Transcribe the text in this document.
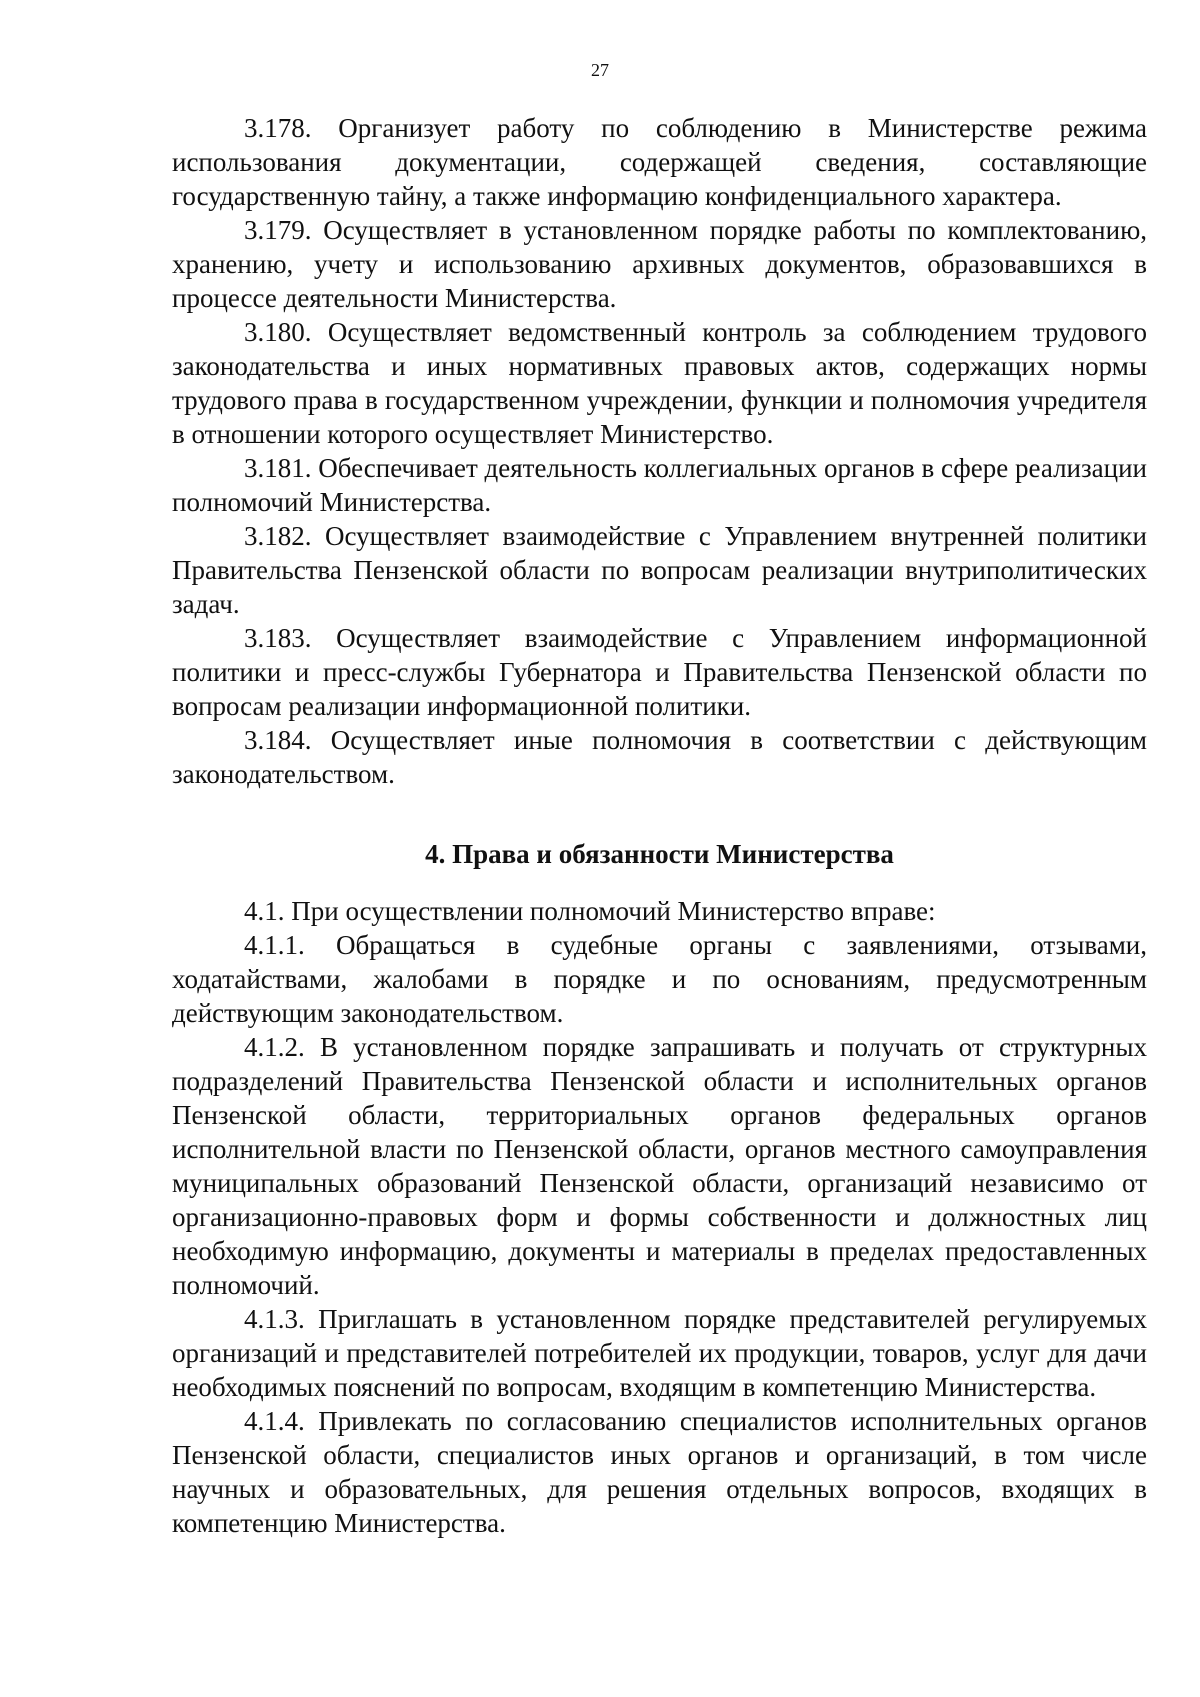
27

3.178. Организует работу по соблюдению в Министерстве режима использования документации, содержащей сведения, составляющие государственную тайну, а также информацию конфиденциального характера.

3.179. Осуществляет в установленном порядке работы по комплектованию, хранению, учету и использованию архивных документов, образовавшихся в процессе деятельности Министерства.

3.180. Осуществляет ведомственный контроль за соблюдением трудового законодательства и иных нормативных правовых актов, содержащих нормы трудового права в государственном учреждении, функции и полномочия учредителя в отношении которого осуществляет Министерство.

3.181. Обеспечивает деятельность коллегиальных органов в сфере реализации полномочий Министерства.

3.182. Осуществляет взаимодействие с Управлением внутренней политики Правительства Пензенской области по вопросам реализации внутриполитических задач.

3.183. Осуществляет взаимодействие с Управлением информационной политики и пресс-службы Губернатора и Правительства Пензенской области по вопросам реализации информационной политики.

3.184. Осуществляет иные полномочия в соответствии с действующим законодательством.

4. Права и обязанности Министерства

4.1. При осуществлении полномочий Министерство вправе:

4.1.1. Обращаться в судебные органы с заявлениями, отзывами, ходатайствами, жалобами в порядке и по основаниям, предусмотренным действующим законодательством.

4.1.2. В установленном порядке запрашивать и получать от структурных подразделений Правительства Пензенской области и исполнительных органов Пензенской области, территориальных органов федеральных органов исполнительной власти по Пензенской области, органов местного самоуправления муниципальных образований Пензенской области, организаций независимо от организационно-правовых форм и формы собственности и должностных лиц необходимую информацию, документы и материалы в пределах предоставленных полномочий.

4.1.3. Приглашать в установленном порядке представителей регулируемых организаций и представителей потребителей их продукции, товаров, услуг для дачи необходимых пояснений по вопросам, входящим в компетенцию Министерства.

4.1.4. Привлекать по согласованию специалистов исполнительных органов Пензенской области, специалистов иных органов и организаций, в том числе научных и образовательных, для решения отдельных вопросов, входящих в компетенцию Министерства.
